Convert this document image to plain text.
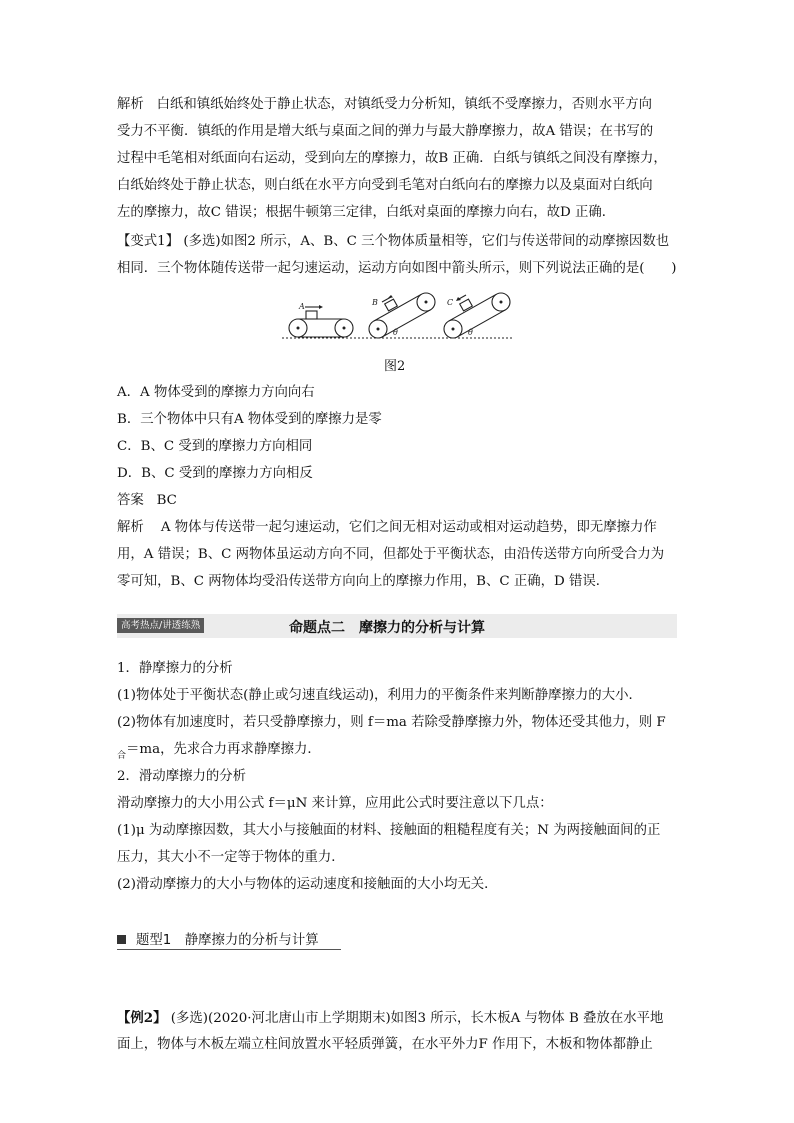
解析 白纸和镇纸始终处于静止状态，对镇纸受力分析知，镇纸不受摩擦力，否则水平方向
受力不平衡．镇纸的作用是增大纸与桌面之间的弹力与最大静摩擦力，故A 错误；在书写的
过程中毛笔相对纸面向右运动，受到向左的摩擦力，故B 正确．白纸与镇纸之间没有摩擦力，
白纸始终处于静止状态，则白纸在水平方向受到毛笔对白纸向右的摩擦力以及桌面对白纸向
左的摩擦力，故C 错误；根据牛顿第三定律，白纸对桌面的摩擦力向右，故D 正确．
【变式1】 (多选)如图2 所示，A、B、C 三个物体质量相等，它们与传送带间的动摩擦因数也
相同．三个物体随传送带一起匀速运动，运动方向如图中箭头所示，则下列说法正确的是(　　)
A	B	C
θ	θ
图2
A．A 物体受到的摩擦力方向向右
B．三个物体中只有A 物体受到的摩擦力是零
C．B、C 受到的摩擦力方向相同
D．B、C 受到的摩擦力方向相反
答案 BC
解析 A 物体与传送带一起匀速运动，它们之间无相对运动或相对运动趋势，即无摩擦力作
用，A 错误；B、C 两物体虽运动方向不同，但都处于平衡状态，由沿传送带方向所受合力为
零可知，B、C 两物体均受沿传送带方向向上的摩擦力作用，B、C 正确，D 错误．
高考热点/讲透练熟	命题点二　摩擦力的分析与计算
1．静摩擦力的分析
(1)物体处于平衡状态(静止或匀速直线运动)，利用力的平衡条件来判断静摩擦力的大小．
(2)物体有加速度时，若只受静摩擦力，则 f＝ma 若除受静摩擦力外，物体还受其他力，则 F
$_合$＝ma，先求合力再求静摩擦力．
2．滑动摩擦力的分析
滑动摩擦力的大小用公式 f＝μN 来计算，应用此公式时要注意以下几点：
(1)μ 为动摩擦因数，其大小与接触面的材料、接触面的粗糙程度有关；N 为两接触面间的正
压力，其大小不一定等于物体的重力．
(2)滑动摩擦力的大小与物体的运动速度和接触面的大小均无关．
题型1　静摩擦力的分析与计算
【例2】 (多选)(2020·河北唐山市上学期期末)如图3 所示，长木板A 与物体 B 叠放在水平地
面上，物体与木板左端立柱间放置水平轻质弹簧，在水平外力F 作用下，木板和物体都静止
